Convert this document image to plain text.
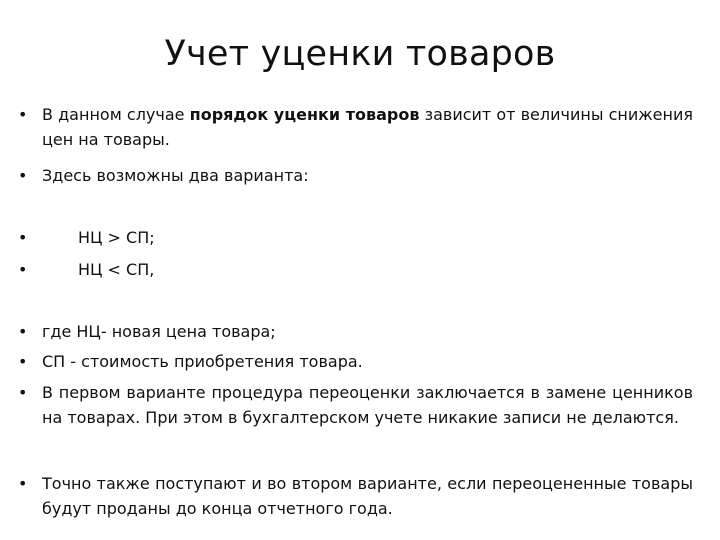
Учет уценки товаров
• В данном случае порядок уценки товаров зависит от величины снижения цен на товары.
• Здесь возможны два варианта:
•	НЦ > СП;
•	НЦ < СП,
• где НЦ- новая цена товара;
• СП - стоимость приобретения товара.
• В первом варианте процедура переоценки заключается в замене ценников на товарах. При этом в бухгалтерском учете никакие записи не делаются.
• Точно также поступают и во втором варианте, если переоцененные товары будут проданы до конца отчетного года.
